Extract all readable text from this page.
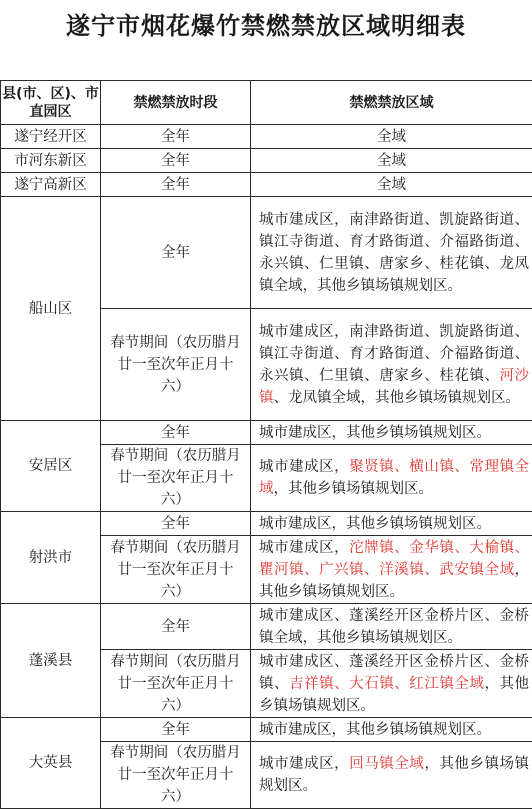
遂宁市烟花爆竹禁燃禁放区域明细表
县(市、区)、市直园区	禁燃禁放时段	禁燃禁放区域
遂宁经开区	全年	全域
市河东新区	全年	全域
遂宁高新区	全年	全域
船山区	全年	城市建成区，南津路街道、凯旋路街道、镇江寺街道、育才路街道、介福路街道、永兴镇、仁里镇、唐家乡、桂花镇、龙凤镇全域，其他乡镇场镇规划区。
	春节期间（农历腊月廿一至次年正月十六）	城市建成区，南津路街道、凯旋路街道、镇江寺街道、育才路街道、介福路街道、永兴镇、仁里镇、唐家乡、桂花镇、河沙镇、龙凤镇全域，其他乡镇场镇规划区。
安居区	全年	城市建成区，其他乡镇场镇规划区。
	春节期间（农历腊月廿一至次年正月十六）	城市建成区，聚贤镇、横山镇、常理镇全域，其他乡镇场镇规划区。
射洪市	全年	城市建成区，其他乡镇场镇规划区。
	春节期间（农历腊月廿一至次年正月十六）	城市建成区，沱牌镇、金华镇、大榆镇、瞿河镇、广兴镇、洋溪镇、武安镇全域，其他乡镇场镇规划区。
蓬溪县	全年	城市建成区、蓬溪经开区金桥片区、金桥镇全域，其他乡镇场镇规划区。
	春节期间（农历腊月廿一至次年正月十六）	城市建成区、蓬溪经开区金桥片区、金桥镇、吉祥镇、大石镇、红江镇全域，其他乡镇场镇规划区。
大英县	全年	城市建成区，其他乡镇场镇规划区。
	春节期间（农历腊月廿一至次年正月十六）	城市建成区，回马镇全域，其他乡镇场镇规划区。
